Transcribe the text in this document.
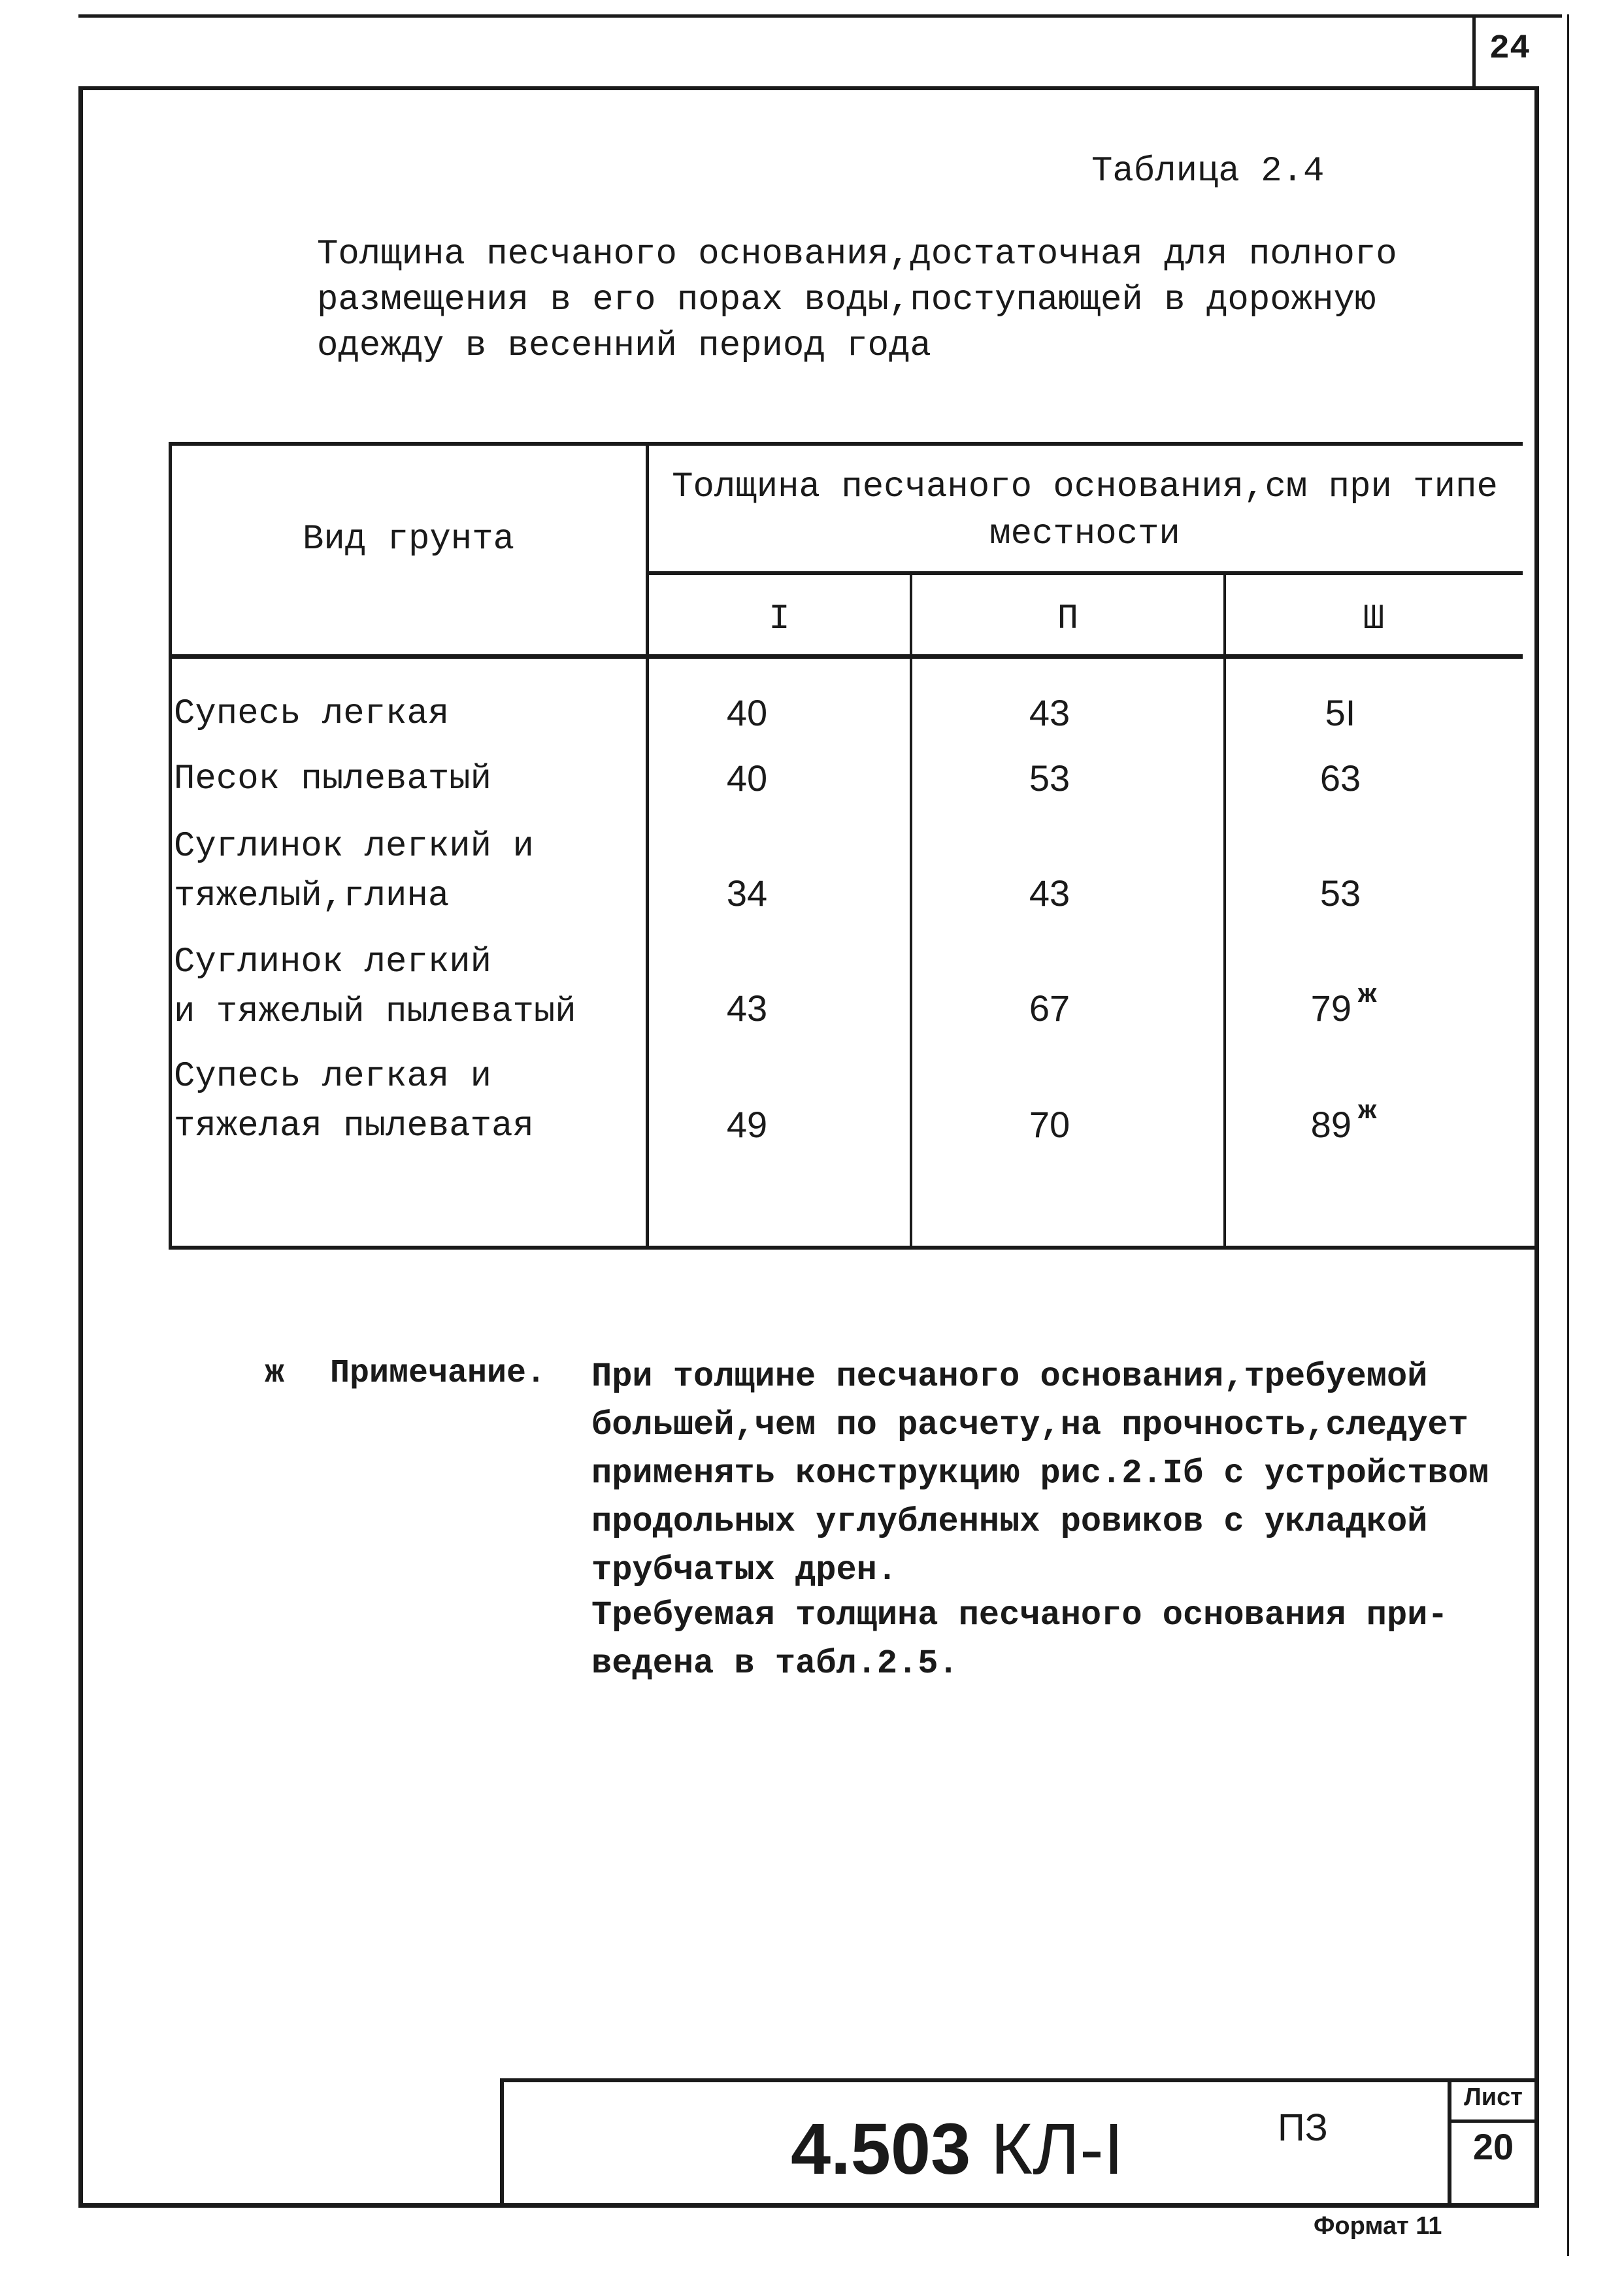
24
Таблица 2.4
Толщина песчаного основания,достаточная для полного
размещения в его порах воды,поступающей в дорожную
одежду в весенний период года
Вид грунта
Толщина песчаного основания,см при типе местности
I	П	Ш
Супесь легкая	40	43	5I
Песок пылеватый	40	53	63
Суглинок легкий и
тяжелый,глина	34	43	53
Суглинок легкий
и тяжелый пылеватый	43	67	79 $^ж$
Супесь легкая и
тяжелая пылеватая	49	70	89 $^ж$
ж Примечание. При толщине песчаного основания,требуемой
большей,чем по расчету,на прочность,следует
применять конструкцию рис.2.Iб с устройством
продольных углубленных ровиков с укладкой
трубчатых дрен.
Требуемая толщина песчаного основания при-
ведена в табл.2.5.
4.503 КЛ-I	ПЗ
Лист
20
Формат 11
